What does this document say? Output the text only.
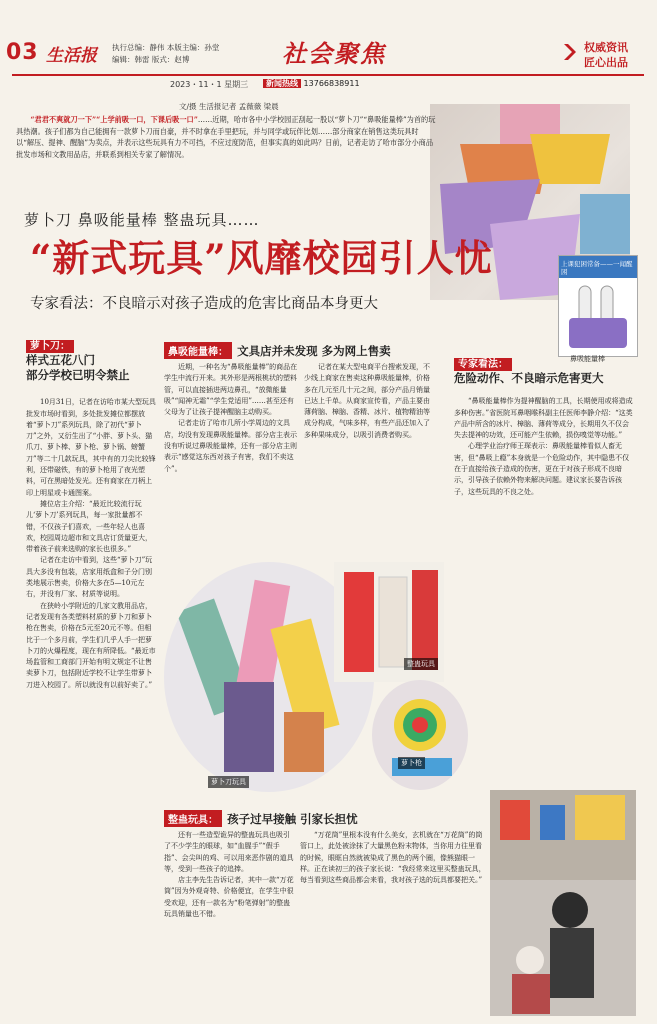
03 生活报 执行总编：静伟 本版主编：孙堂
编辑：韩雷 版式：赵博	社会聚焦	权威资讯
匠心出品
2023・11・1 星期三	新闻热线 13766838911
上课犯困常备——一闻醒困
鼻吸能量棒
文/摄 生活报记者 孟薇薇 梁晨
“君君不爽就刀一下”“上学前吸一口，下课后吸一口”……近期，哈市各中小学校园正刮起一股以“萝卜刀”“鼻吸能量棒”为首的玩具热潮。孩子们都为自己能拥有一款萝卜刀而自豪，并不时拿在手里把玩，并与同学或玩伴比划……部分商家在销售这类玩具时以“解压、提神、醒脑”为卖点，并表示这些玩具有力不可挡，不应过度防范，但事实真的如此吗？日前，记者走访了哈市部分小商品批发市场和文教用品店，并联系到相关专家了解情况。
萝卜刀 鼻吸能量棒 整蛊玩具……
“新式玩具”风靡校园引人忧
专家看法：不良暗示对孩子造成的危害比商品本身更大
萝卜刀：
样式五花八门
部分学校已明令禁止

10月31日，记者在访哈市某大型玩具批发市场时看到，多处批发摊位都摆放着“萝卜刀”系列玩具，除了初代“萝卜刀”之外，又衍生出了“小胖、萝卜头、猫爪刀、萝卜棒、萝卜枪、萝卜锅、螃蟹刀”等二十几款玩具，其中有的刀尖比较锋利，还带磁铁，有的萝卜枪用了夜光塑料，可在黑暗处发光。还有商家在刀柄上印上明星或卡通图案。

摊位店主介绍：“最近比较流行玩儿‘萝卜刀’系列玩具，每一家批量都不错，不仅孩子们喜欢，一些年轻人也喜欢，校园周边超市和文具店订货量更大，带着孩子前来选购的家长也很多。”

记者在走访中看到，这些“萝卜刀”玩具大多没有包装，店家用纸盒和子分门别类地展示售卖，价格大多在5—10元左右，并没有厂家、材质等说明。

在狭岭小学附近的几家文教用品店，记者发现有各类塑料材质的萝卜刀和萝卜枪在售卖，价格在5元至20元不等。但相比于一个多月前，学生们几乎人手一把萝卜刀的火爆程度，现在有所降低。“最近市场监管和工商部门开始有明文规定不让售卖萝卜刀，包括附近学校不让学生带萝卜刀进入校园了。所以就没有以前好卖了。”

鼻吸能量棒： 文具店并未发现 多为网上售卖

近期，一种名为“鼻吸能量棒”的商品在学生中流行开来。其外形是两根桃状的塑料管，可以直接插进两边鼻孔，“放微能量吸”“闻神无霜”“学生党适用”……甚至还有父母为了让孩子提神醒脑主动购买。

记者走访了哈市几所小学周边的文具店，均没有发现鼻吸能量棒。部分店主表示没有听说过鼻吸能量棒，还有一部分店主则表示“感觉这东西对孩子有害，我们不卖这个”。

记者在某大型电商平台搜索发现，不少线上商家在售卖这种鼻吸能量棒，价格多在几元至几十元之间，部分产品月销量已达上千单。从商家宣传看，产品主要由薄荷脑、樟脑、香精、冰片、植物精油等成分构成，气味多样，有些产品还加入了多种果味成分，以吸引消费者购买。

专家看法：
危险动作、不良暗示危害更大

“鼻吸能量棒作为提神醒脑的工具，长期使用或将造成多种伤害。”省医院耳鼻咽喉科副主任医师李静介绍：“这类产品中所含的冰片、樟脑、薄荷等成分，长期用久不仅会失去提神的功效，还可能产生依赖，损伤嗅觉等功能。”

心理学业治疗师王琛表示：鼻吸能量棒看似人畜无害，但“鼻吸上瘾”本身就是一个危险动作，其中隐患不仅在于直接给孩子造成的伤害，更在于对孩子形成不良暗示，引导孩子依赖外物来解决问题。建议家长要告诉孩子，这些玩具的不良之处。

萝卜刀玩具
整蛊玩具
萝卜枪
整蛊玩具： 孩子过早接触 引家长担忧

还有一些造型诡异的整蛊玩具也吸引了不少学生的眼球，如“血腥手”“假手指”、会尖叫的鸡、可以用来恶作剧的道具等，受到一些孩子的追捧。

店主李先生告诉记者，其中一款“万花筒”因为外观奇特、价格便宜，在学生中很受欢迎，还有一款名为“粉笔弹射”的整蛊玩具销量也不错。

“万花筒”里根本没有什么美女，玄机就在“万花筒”的筒管口上，此处被涂抹了大量黑色粉末物体，当你用力往里看的时候，眼眶自然就被染成了黑色的两个圈，像熊猫眼一样。正在读初三的孩子家长说：“我经常来这里买整蛊玩具，每当看到这些商品都会来看，我对孩子选的玩具都要把关。”
